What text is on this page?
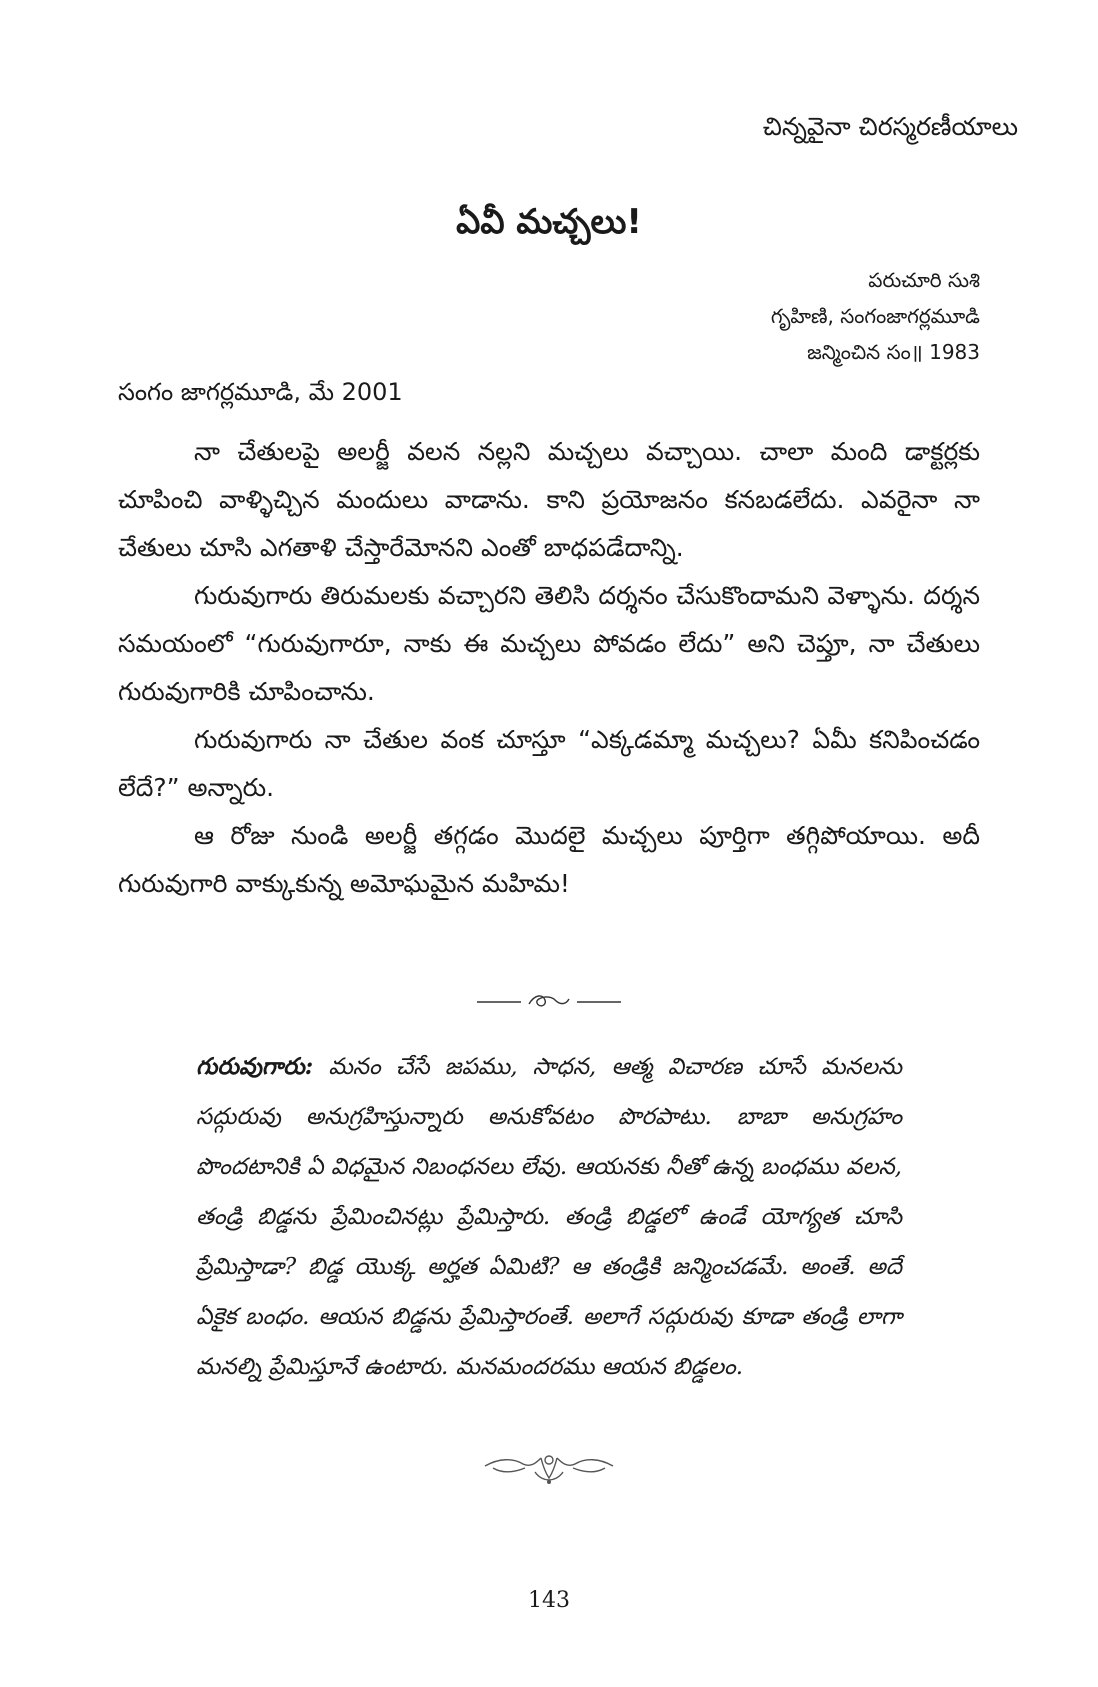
చిన్నవైనా చిరస్మరణీయాలు
ఏవీ మచ్చలు!
పరుచూరి సుశి
గృహిణి, సంగంజాగర్లమూడి
జన్మించిన సం॥ 1983
సంగం జాగర్లమూడి, మే 2001

నా చేతులపై అలర్జీ వలన నల్లని మచ్చలు వచ్చాయి. చాలా మంది డాక్టర్లకు చూపించి వాళ్ళిచ్చిన మందులు వాడాను. కాని ప్రయోజనం కనబడలేదు. ఎవరైనా నా చేతులు చూసి ఎగతాళి చేస్తారేమోనని ఎంతో బాధపడేదాన్ని.

గురువుగారు తిరుమలకు వచ్చారని తెలిసి దర్శనం చేసుకొందామని వెళ్ళాను. దర్శన సమయంలో “గురువుగారూ, నాకు ఈ మచ్చలు పోవడం లేదు” అని చెప్తూ, నా చేతులు గురువుగారికి చూపించాను.

గురువుగారు నా చేతుల వంక చూస్తూ “ఎక్కడమ్మా మచ్చలు? ఏమీ కనిపించడం లేదే?” అన్నారు.

ఆ రోజు నుండి అలర్జీ తగ్గడం మొదలై మచ్చలు పూర్తిగా తగ్గిపోయాయి. అదీ గురువుగారి వాక్కుకున్న అమోఘమైన మహిమ!

గురువుగారు: మనం చేసే జపము, సాధన, ఆత్మ విచారణ చూసే మనలను సద్గురువు అనుగ్రహిస్తున్నారు అనుకోవటం పొరపాటు. బాబా అనుగ్రహం పొందటానికి ఏ విధమైన నిబంధనలు లేవు. ఆయనకు నీతో ఉన్న బంధము వలన, తండ్రి బిడ్డను ప్రేమించినట్లు ప్రేమిస్తారు. తండ్రి బిడ్డలో ఉండే యోగ్యత చూసి ప్రేమిస్తాడా? బిడ్డ యొక్క అర్హత ఏమిటి? ఆ తండ్రికి జన్మించడమే. అంతే. అదే ఏకైక బంధం. ఆయన బిడ్డను ప్రేమిస్తారంతే. అలాగే సద్గురువు కూడా తండ్రి లాగా మనల్ని ప్రేమిస్తూనే ఉంటారు. మనమందరము ఆయన బిడ్డలం.
143
